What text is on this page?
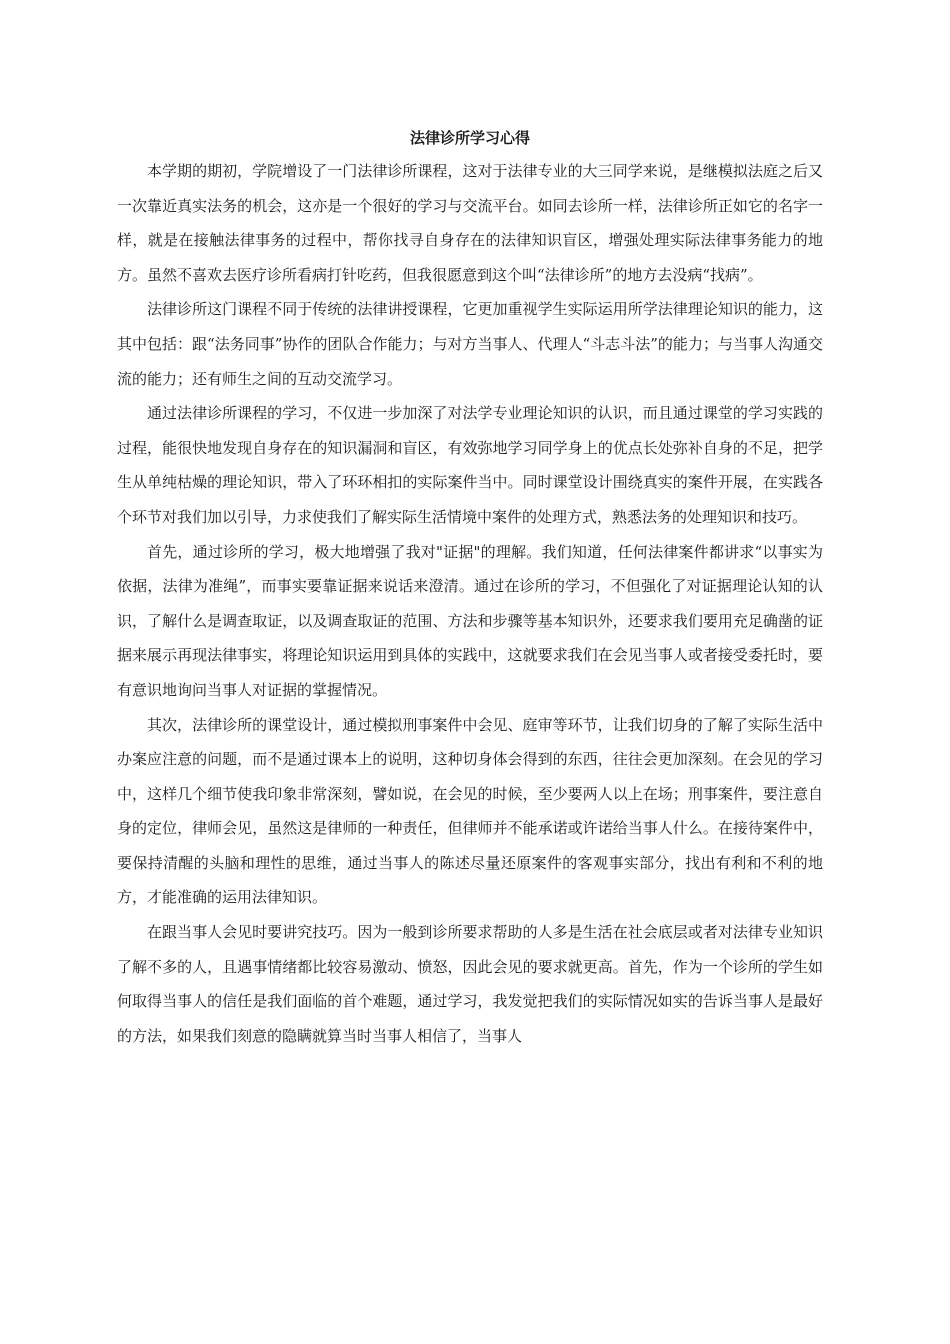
法律诊所学习心得

本学期的期初，学院增设了一门法律诊所课程，这对于法律专业的大三同学来说，是继模拟法庭之后又一次靠近真实法务的机会，这亦是一个很好的学习与交流平台。如同去诊所一样，法律诊所正如它的名字一样，就是在接触法律事务的过程中，帮你找寻自身存在的法律知识盲区，增强处理实际法律事务能力的地方。虽然不喜欢去医疗诊所看病打针吃药，但我很愿意到这个叫“法律诊所”的地方去没病“找病”。

法律诊所这门课程不同于传统的法律讲授课程，它更加重视学生实际运用所学法律理论知识的能力，这其中包括：跟“法务同事”协作的团队合作能力；与对方当事人、代理人“斗志斗法”的能力；与当事人沟通交流的能力；还有师生之间的互动交流学习。

通过法律诊所课程的学习，不仅进一步加深了对法学专业理论知识的认识，而且通过课堂的学习实践的过程，能很快地发现自身存在的知识漏洞和盲区，有效弥地学习同学身上的优点长处弥补自身的不足，把学生从单纯枯燥的理论知识，带入了环环相扣的实际案件当中。同时课堂设计围绕真实的案件开展，在实践各个环节对我们加以引导，力求使我们了解实际生活情境中案件的处理方式，熟悉法务的处理知识和技巧。

首先，通过诊所的学习，极大地增强了我对"证据"的理解。我们知道，任何法律案件都讲求“以事实为依据，法律为准绳”，而事实要靠证据来说话来澄清。通过在诊所的学习，不但强化了对证据理论认知的认识，了解什么是调查取证，以及调查取证的范围、方法和步骤等基本知识外，还要求我们要用充足确凿的证据来展示再现法律事实，将理论知识运用到具体的实践中，这就要求我们在会见当事人或者接受委托时，要有意识地询问当事人对证据的掌握情况。

其次，法律诊所的课堂设计，通过模拟刑事案件中会见、庭审等环节，让我们切身的了解了实际生活中办案应注意的问题，而不是通过课本上的说明，这种切身体会得到的东西，往往会更加深刻。在会见的学习中，这样几个细节使我印象非常深刻，譬如说，在会见的时候，至少要两人以上在场；刑事案件，要注意自身的定位，律师会见，虽然这是律师的一种责任，但律师并不能承诺或许诺给当事人什么。在接待案件中，要保持清醒的头脑和理性的思维，通过当事人的陈述尽量还原案件的客观事实部分，找出有利和不利的地方，才能准确的运用法律知识。

在跟当事人会见时要讲究技巧。因为一般到诊所要求帮助的人多是生活在社会底层或者对法律专业知识了解不多的人，且遇事情绪都比较容易激动、愤怒，因此会见的要求就更高。首先，作为一个诊所的学生如何取得当事人的信任是我们面临的首个难题，通过学习，我发觉把我们的实际情况如实的告诉当事人是最好的方法，如果我们刻意的隐瞒就算当时当事人相信了，当事人
